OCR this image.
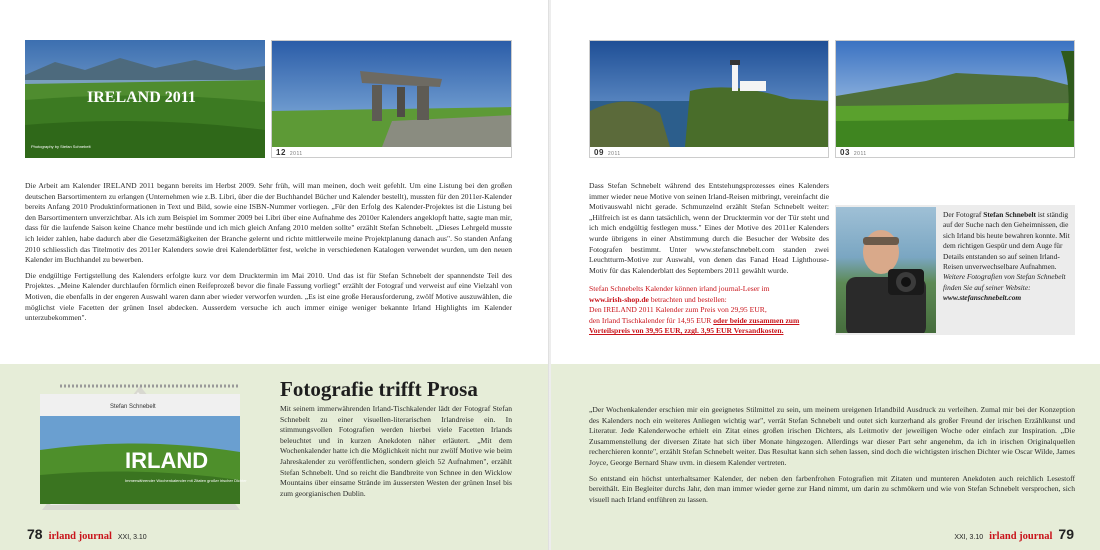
IRELAND 2011
Photography by Stefan Schnebelt
12 2011

Die Arbeit am Kalender IRELAND 2011 begann bereits im Herbst 2009. Sehr früh, will man meinen, doch weit gefehlt. Um eine Listung bei den großen deutschen Barsortimentern zu erlangen (Unternehmen wie z.B. Libri, über die der Buchhandel Bücher und Kalender bestellt), mussten für den 2011er-Kalender bereits Anfang 2010 Produktinformationen in Text und Bild, sowie eine ISBN-Nummer vorliegen. „Für den Erfolg des Kalender-Projektes ist die Listung bei den Barsortimentern unverzichtbar. Als ich zum Beispiel im Sommer 2009 bei Libri über eine Aufnahme des 2010er Kalenders angeklopft hatte, sagte man mir, dass für die laufende Saison keine Chance mehr bestünde und ich mich gleich Anfang 2010 melden sollte" erzählt Stefan Schnebelt. „Dieses Lehrgeld musste ich leider zahlen, habe dadurch aber die Gesetzmäßigkeiten der Branche gelernt und richte mittlerweile meine Projektplanung danach aus". So standen Anfang 2010 schliesslich das Titelmotiv des 2011er Kalenders sowie drei Kalenderblätter fest, welche in verschiedenen Katalogen verwendet wurden, um den neuen Kalender im Buchhandel zu bewerben.

Die endgültige Fertigstellung des Kalenders erfolgte kurz vor dem Drucktermin im Mai 2010. Und das ist für Stefan Schnebelt der spannendste Teil des Projektes. „Meine Kalender durchlaufen förmlich einen Reifeprozeß bevor die finale Fassung vorliegt" erzählt der Fotograf und verweist auf eine Vielzahl von Motiven, die ebenfalls in der engeren Auswahl waren dann aber wieder verworfen wurden. „Es ist eine große Herausforderung, zwölf Motive auszuwählen, die möglichst viele Facetten der grünen Insel abdecken. Ausserdem versuche ich auch immer einige weniger bekannte Irland Highlights im Kalender unterzubekommen".

Stefan Schnebelt
IRLAND
Immerwährender Wochenkalender mit Zitaten großer irischer Dichter
Fotografie trifft Prosa

Mit seinem immerwährenden Irland-Tischkalender lädt der Fotograf Stefan Schnebelt zu einer visuellen-literarischen Irlandreise ein. In stimmungsvollen Fotografien werden hierbei viele Facetten Irlands beleuchtet und in kurzen Anekdoten näher erläutert. „Mit dem Wochenkalender hatte ich die Möglichkeit nicht nur zwölf Motive wie beim Jahreskalender zu veröffentlichen, sondern gleich 52 Aufnahmen", erzählt Stefan Schnebelt. Und so reicht die Bandbreite von Schnee in den Wicklow Mountains über einsame Strände im äussersten Westen der grünen Insel bis zum georgianischen Dublin.

78 irland journal XXI, 3.10
09 2011	03 2011

Dass Stefan Schnebelt während des Entstehungsprozesses eines Kalenders immer wieder neue Motive von seinen Irland-Reisen mitbringt, vereinfacht die Motivauswahl nicht gerade. Schmunzelnd erzählt Stefan Schnebelt weiter: „Hilfreich ist es dann tatsächlich, wenn der Drucktermin vor der Tür steht und ich mich endgültig festlegen muss." Eines der Motive des 2011er Kalenders wurde übrigens in einer Abstimmung durch die Besucher der Website des Fotografen bestimmt. Unter www.stefanschnebelt.com standen zwei Leuchtturm-Motive zur Auswahl, von denen das Fanad Head Lighthouse-Motiv für das Kalenderblatt des Septembers 2011 gewählt wurde.

Stefan Schnebelts Kalender können irland journal-Leser im
www.irish-shop.de betrachten und bestellen:
Den IRELAND 2011 Kalender zum Preis von 29,95 EUR,
den Irland Tischkalender für 14,95 EUR oder beide zusammen zum
Vorteilspreis von 39,95 EUR, zzgl. 3,95 EUR Versandkosten.
Der Fotograf Stefan Schnebelt ist ständig auf der Suche nach den Geheimnissen, die sich Irland bis heute bewahren konnte. Mit dem richtigen Gespür und dem Auge für Details entstanden so auf seinen Irland-Reisen unverwechselbare Aufnahmen.
Weitere Fotografien von Stefan Schnebelt finden Sie auf seiner Website: www.stefanschnebelt.com

„Der Wochenkalender erschien mir ein geeignetes Stilmittel zu sein, um meinem ureigenen Irlandbild Ausdruck zu verleihen. Zumal mir bei der Konzeption des Kalenders noch ein weiteres Anliegen wichtig war", verrät Stefan Schnebelt und outet sich kurzerhand als großer Freund der irischen Erzählkunst und Literatur. Jede Kalenderwoche erhielt ein Zitat eines großen irischen Dichters, als Leitmotiv der jeweiligen Woche oder einfach zur Inspiration. „Die Zusammenstellung der diversen Zitate hat sich über Monate hingezogen. Allerdings war dieser Part sehr angenehm, da ich in irischen Originalquellen recherchieren konnte", erzählt Stefan Schnebelt weiter. Das Resultat kann sich sehen lassen, sind doch die wichtigsten irischen Dichter wie Oscar Wilde, James Joyce, George Bernard Shaw uvm. in diesem Kalender vertreten.

So entstand ein höchst unterhaltsamer Kalender, der neben den farbenfrohen Fotografien mit Zitaten und munteren Anekdoten auch reichlich Lesestoff bereithält. Ein Begleiter durchs Jahr, den man immer wieder gerne zur Hand nimmt, um darin zu schmökern und wie von Stefan Schnebelt versprochen, sich visuell nach Irland entführen zu lassen.

XXI, 3.10 irland journal 79
